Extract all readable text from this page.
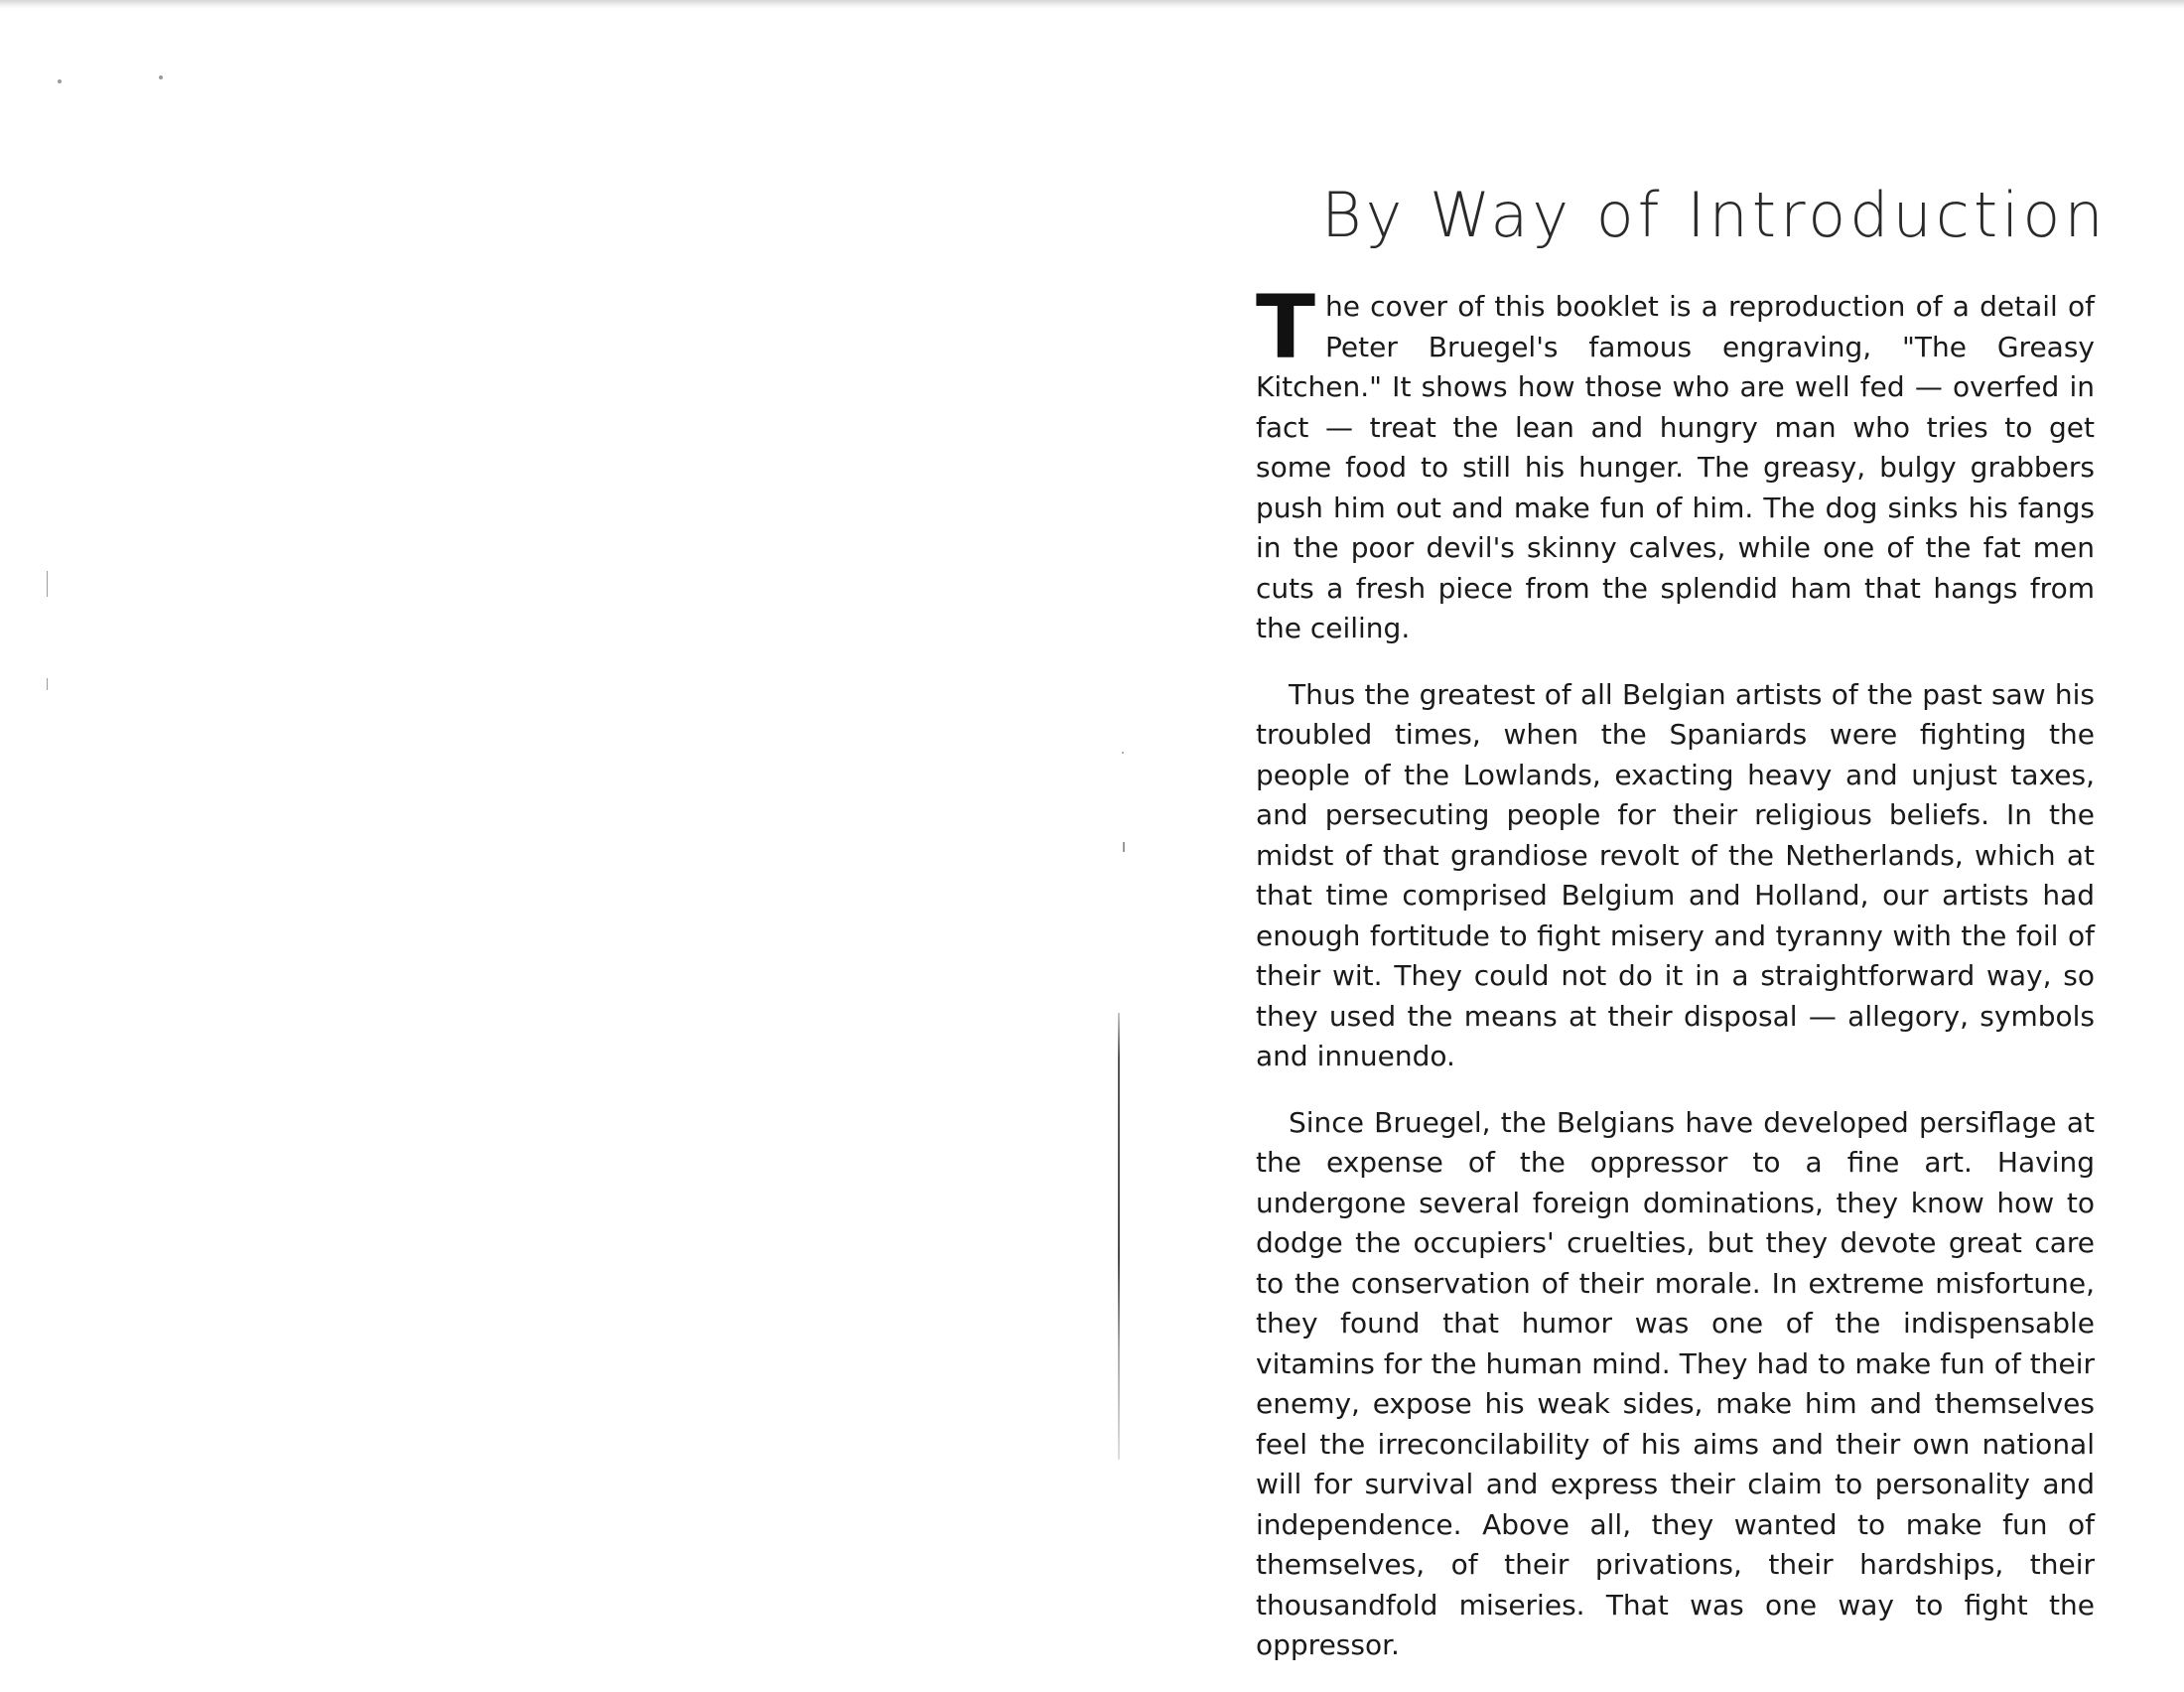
By Way of Introduction

The cover of this booklet is a reproduction of a detail of Peter Bruegel's famous engraving, "The Greasy Kitchen." It shows how those who are well fed — overfed in fact — treat the lean and hungry man who tries to get some food to still his hunger. The greasy, bulgy grabbers push him out and make fun of him. The dog sinks his fangs in the poor devil's skinny calves, while one of the fat men cuts a fresh piece from the splendid ham that hangs from the ceiling.

Thus the greatest of all Belgian artists of the past saw his troubled times, when the Spaniards were fighting the people of the Lowlands, exacting heavy and unjust taxes, and persecuting people for their religious beliefs. In the midst of that grandiose revolt of the Netherlands, which at that time comprised Belgium and Holland, our artists had enough fortitude to fight misery and tyranny with the foil of their wit. They could not do it in a straightforward way, so they used the means at their disposal — allegory, symbols and innuendo.

Since Bruegel, the Belgians have developed persiflage at the expense of the oppressor to a fine art. Having undergone several foreign dominations, they know how to dodge the occupiers' cruelties, but they devote great care to the conservation of their morale. In extreme misfortune, they found that humor was one of the indispensable vitamins for the human mind. They had to make fun of their enemy, expose his weak sides, make him and themselves feel the irreconcilability of his aims and their own national will for survival and express their claim to personality and independence. Above all, they wanted to make fun of themselves, of their privations, their hardships, their thousandfold miseries. That was one way to fight the oppressor.
